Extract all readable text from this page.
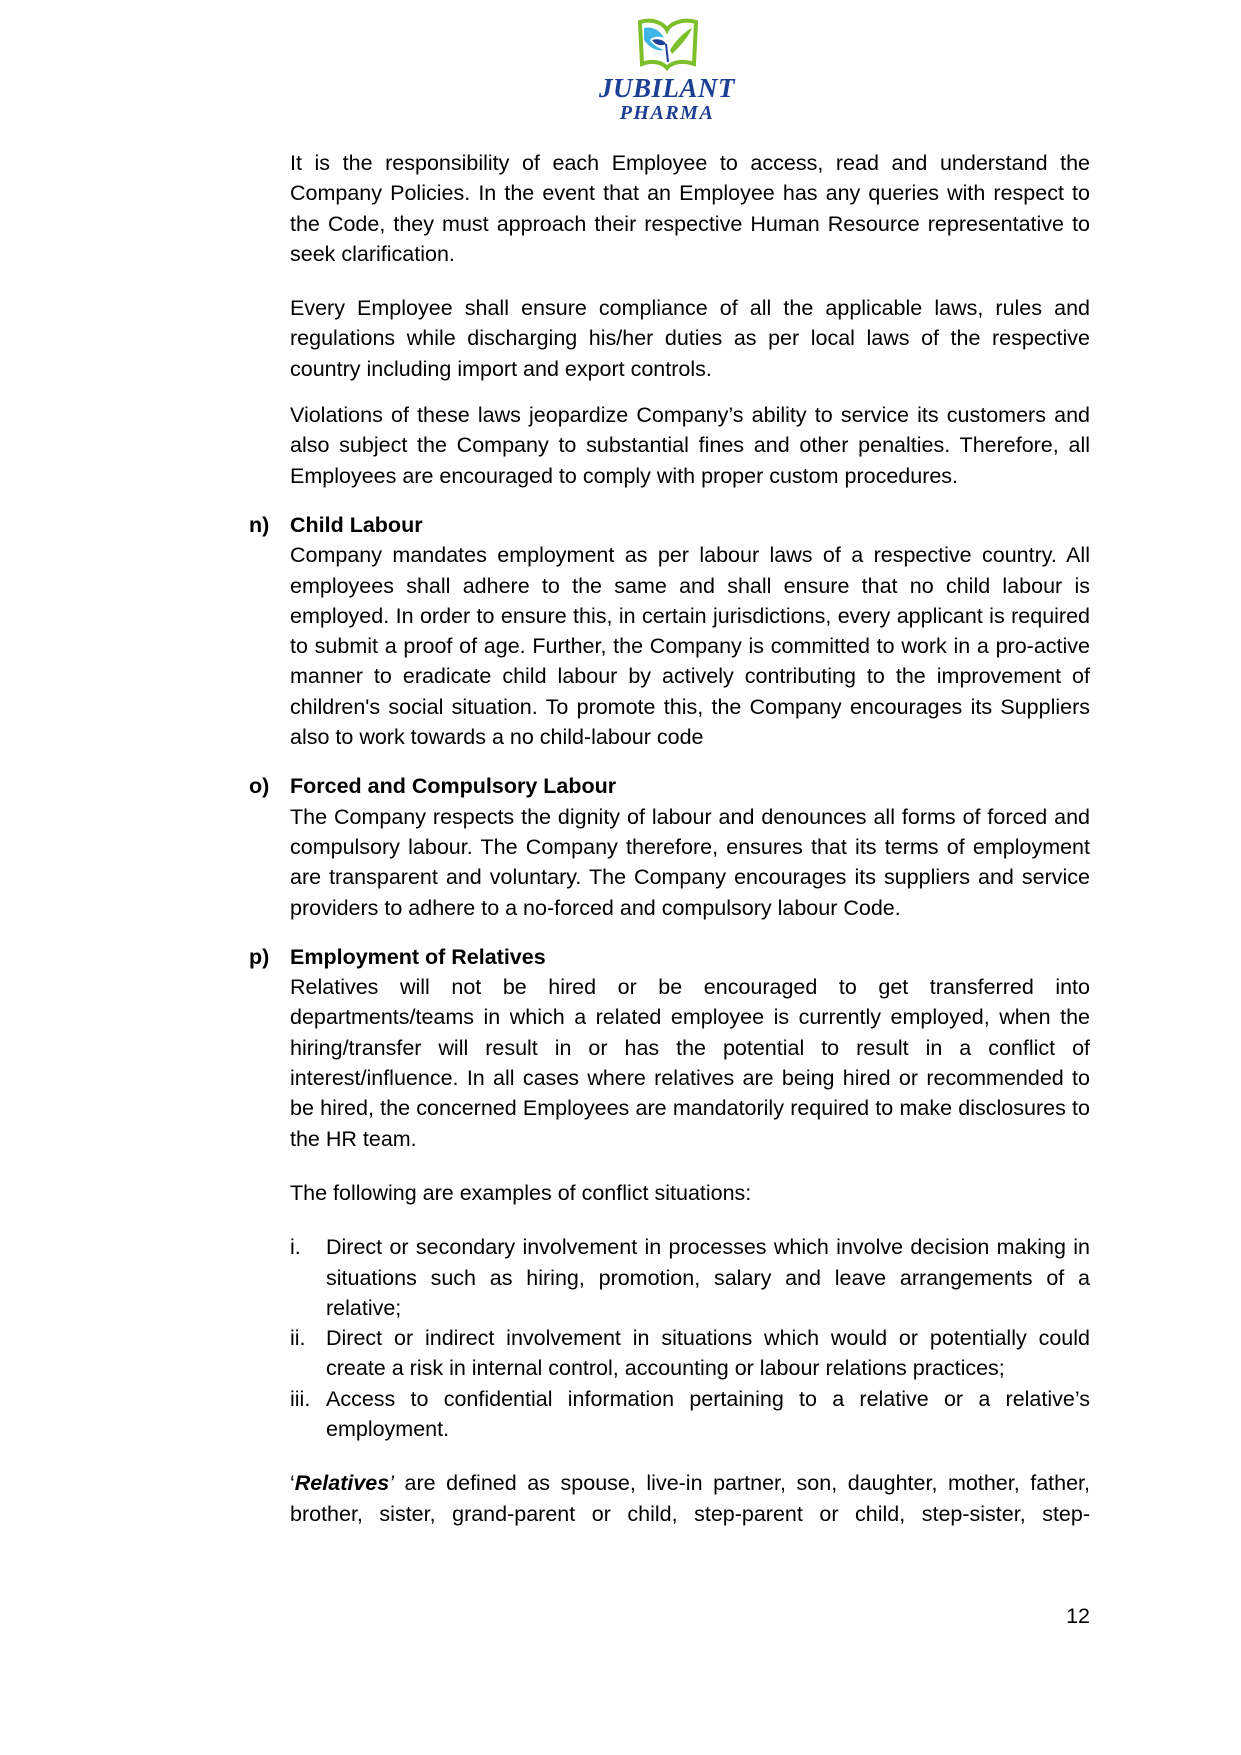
JUBILANT
PHARMA

It is the responsibility of each Employee to access, read and understand the Company Policies. In the event that an Employee has any queries with respect to the Code, they must approach their respective Human Resource representative to seek clarification.

Every Employee shall ensure compliance of all the applicable laws, rules and regulations while discharging his/her duties as per local laws of the respective country including import and export controls.

Violations of these laws jeopardize Company’s ability to service its customers and also subject the Company to substantial fines and other penalties. Therefore, all Employees are encouraged to comply with proper custom procedures.

n) Child Labour

Company mandates employment as per labour laws of a respective country. All employees shall adhere to the same and shall ensure that no child labour is employed. In order to ensure this, in certain jurisdictions, every applicant is required to submit a proof of age. Further, the Company is committed to work in a pro-active manner to eradicate child labour by actively contributing to the improvement of children's social situation. To promote this, the Company encourages its Suppliers also to work towards a no child-labour code

o) Forced and Compulsory Labour

The Company respects the dignity of labour and denounces all forms of forced and compulsory labour. The Company therefore, ensures that its terms of employment are transparent and voluntary. The Company encourages its suppliers and service providers to adhere to a no-forced and compulsory labour Code.

p) Employment of Relatives

Relatives will not be hired or be encouraged to get transferred into departments/teams in which a related employee is currently employed, when the hiring/transfer will result in or has the potential to result in a conflict of interest/influence. In all cases where relatives are being hired or recommended to be hired, the concerned Employees are mandatorily required to make disclosures to the HR team.

The following are examples of conflict situations:

i. Direct or secondary involvement in processes which involve decision making in situations such as hiring, promotion, salary and leave arrangements of a relative;
ii. Direct or indirect involvement in situations which would or potentially could create a risk in internal control, accounting or labour relations practices;
iii. Access to confidential information pertaining to a relative or a relative’s employment.

‘Relatives’ are defined as spouse, live-in partner, son, daughter, mother, father, brother, sister, grand-parent or child, step-parent or child, step-sister, step-

12
